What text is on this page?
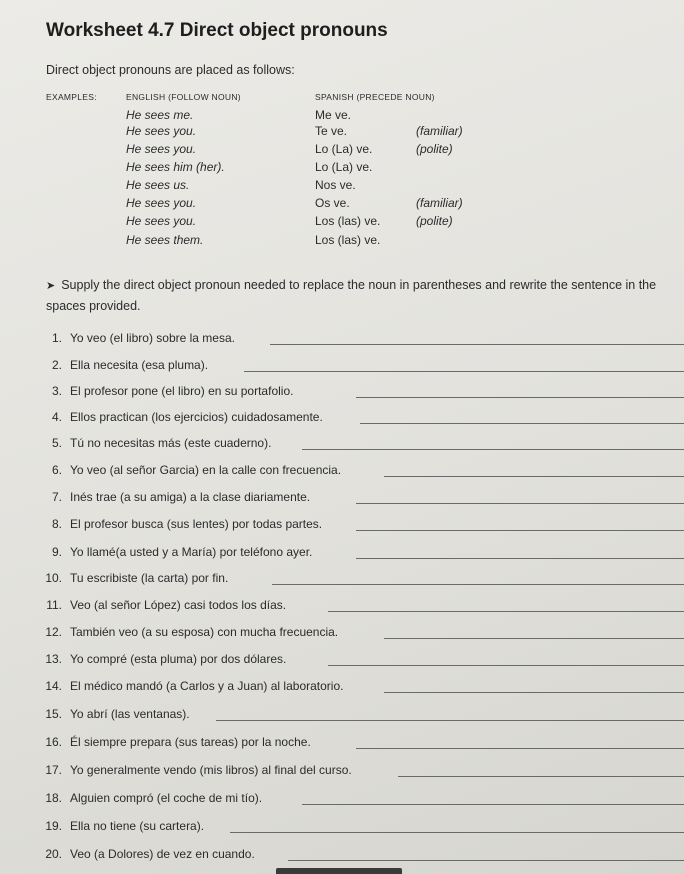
Worksheet 4.7 Direct object pronouns
Direct object pronouns are placed as follows:
EXAMPLES:	ENGLISH (FOLLOW NOUN)	SPANISH (PRECEDE NOUN)
He sees me.	Me ve.
He sees you.	Te ve.	(familiar)
He sees you.	Lo (La) ve.	(polite)
He sees him (her).	Lo (La) ve.
He sees us.	Nos ve.
He sees you.	Os ve.	(familiar)
He sees you.	Los (las) ve.	(polite)
He sees them.	Los (las) ve.
➤ Supply the direct object pronoun needed to replace the noun in parentheses and rewrite the sentence in the spaces provided.
1. Yo veo (el libro) sobre la mesa.
2. Ella necesita (esa pluma).
3. El profesor pone (el libro) en su portafolio.
4. Ellos practican (los ejercicios) cuidadosamente.
5. Tú no necesitas más (este cuaderno).
6. Yo veo (al señor Garcia) en la calle con frecuencia.
7. Inés trae (a su amiga) a la clase diariamente.
8. El profesor busca (sus lentes) por todas partes.
9. Yo llamé(a usted y a María) por teléfono ayer.
10. Tu escribiste (la carta) por fin.
11. Veo (al señor López) casi todos los días.
12. También veo (a su esposa) con mucha frecuencia.
13. Yo compré (esta pluma) por dos dólares.
14. El médico mandó (a Carlos y a Juan) al laboratorio.
15. Yo abrí (las ventanas).
16. Él siempre prepara (sus tareas) por la noche.
17. Yo generalmente vendo (mis libros) al final del curso.
18. Alguien compró (el coche de mi tío).
19. Ella no tiene (su cartera).
20. Veo (a Dolores) de vez en cuando.
